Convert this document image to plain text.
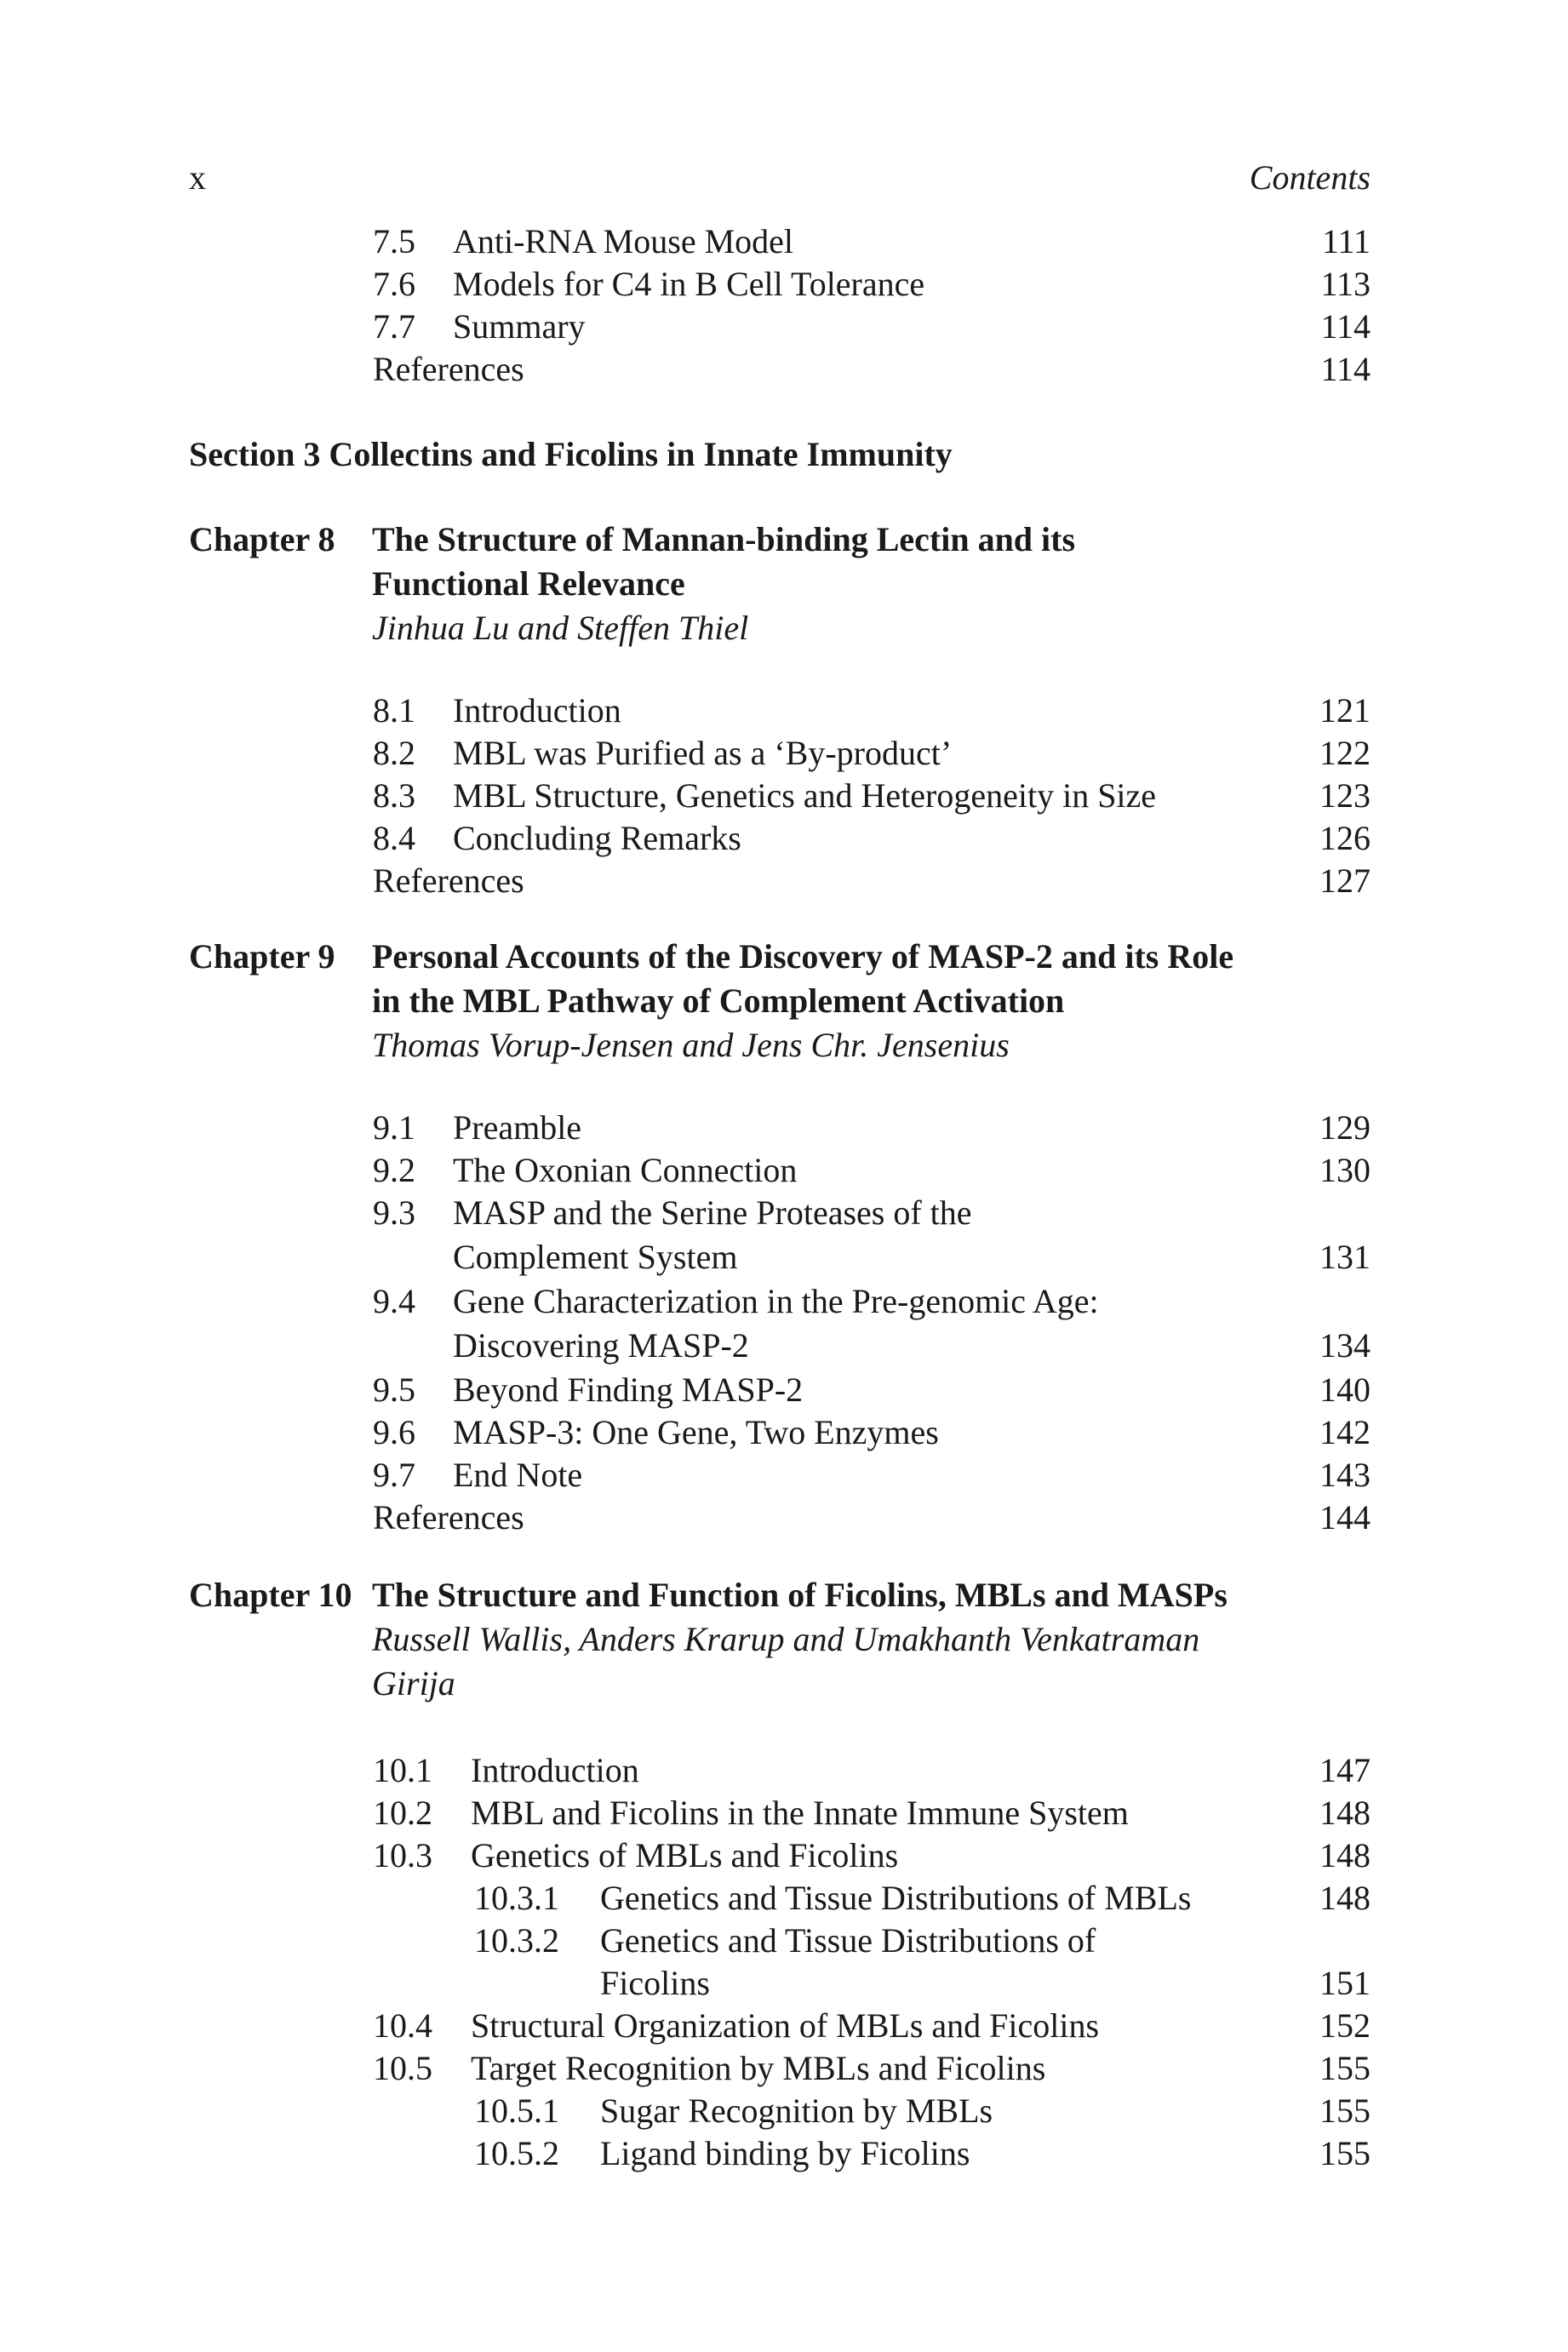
x	Contents
7.5 Anti-RNA Mouse Model	111
7.6 Models for C4 in B Cell Tolerance	113
7.7 Summary	114
References	114
Section 3 Collectins and Ficolins in Innate Immunity
Chapter 8 The Structure of Mannan-binding Lectin and its
Functional Relevance
Jinhua Lu and Steffen Thiel
8.1 Introduction	121
8.2 MBL was Purified as a ‘By-product’	122
8.3 MBL Structure, Genetics and Heterogeneity in Size	123
8.4 Concluding Remarks	126
References	127
Chapter 9 Personal Accounts of the Discovery of MASP-2 and its Role
in the MBL Pathway of Complement Activation
Thomas Vorup-Jensen and Jens Chr. Jensenius
9.1 Preamble	129
9.2 The Oxonian Connection	130
9.3 MASP and the Serine Proteases of the
Complement System	131
9.4 Gene Characterization in the Pre-genomic Age:
Discovering MASP-2	134
9.5 Beyond Finding MASP-2	140
9.6 MASP-3: One Gene, Two Enzymes	142
9.7 End Note	143
References	144
Chapter 10 The Structure and Function of Ficolins, MBLs and MASPs
Russell Wallis, Anders Krarup and Umakhanth Venkatraman
Girija
10.1 Introduction	147
10.2 MBL and Ficolins in the Innate Immune System	148
10.3 Genetics of MBLs and Ficolins	148
10.3.1 Genetics and Tissue Distributions of MBLs	148
10.3.2 Genetics and Tissue Distributions of
Ficolins	151
10.4 Structural Organization of MBLs and Ficolins	152
10.5 Target Recognition by MBLs and Ficolins	155
10.5.1 Sugar Recognition by MBLs	155
10.5.2 Ligand binding by Ficolins	155
